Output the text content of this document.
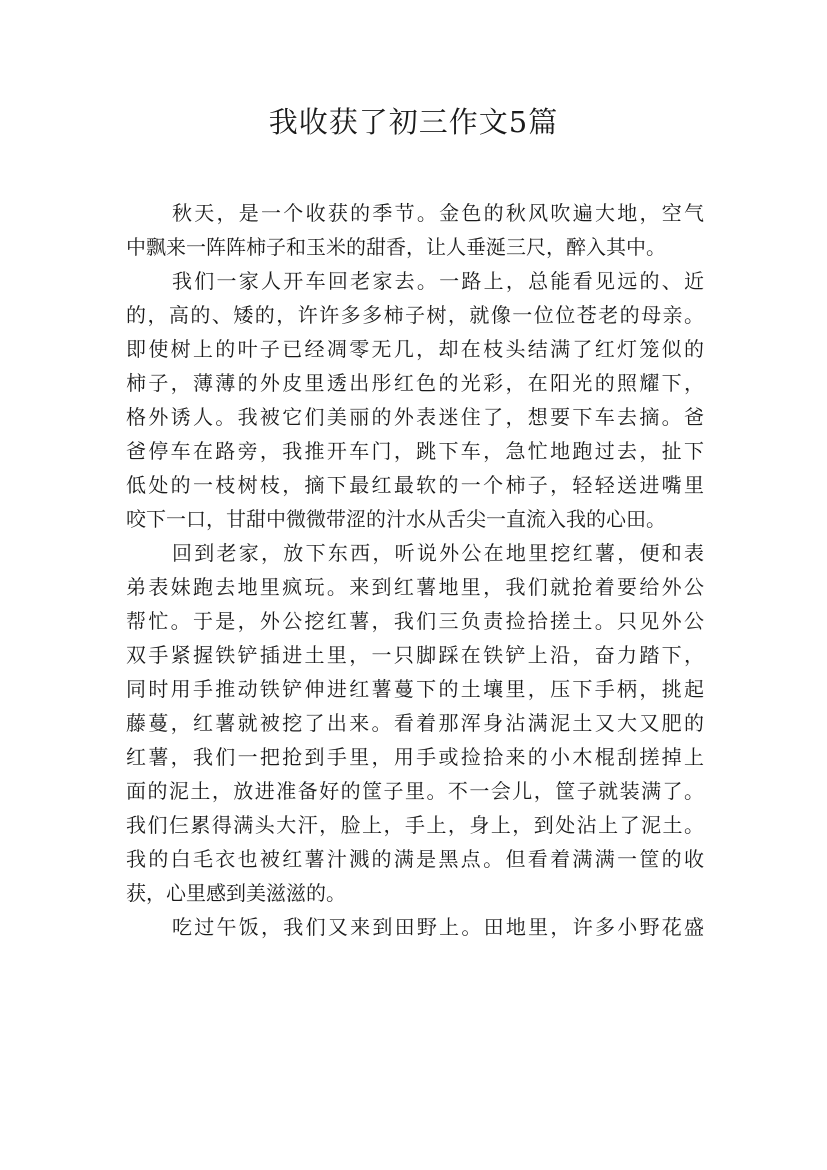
我收获了初三作文5篇
秋天，是一个收获的季节。金色的秋风吹遍大地，空气
中飘来一阵阵柿子和玉米的甜香，让人垂涎三尺，醉入其中。
我们一家人开车回老家去。一路上，总能看见远的、近
的，高的、矮的，许许多多柿子树，就像一位位苍老的母亲。
即使树上的叶子已经凋零无几，却在枝头结满了红灯笼似的
柿子，薄薄的外皮里透出彤红色的光彩，在阳光的照耀下，
格外诱人。我被它们美丽的外表迷住了，想要下车去摘。爸
爸停车在路旁，我推开车门，跳下车，急忙地跑过去，扯下
低处的一枝树枝，摘下最红最软的一个柿子，轻轻送进嘴里
咬下一口，甘甜中微微带涩的汁水从舌尖一直流入我的心田。
回到老家，放下东西，听说外公在地里挖红薯，便和表
弟表妹跑去地里疯玩。来到红薯地里，我们就抢着要给外公
帮忙。于是，外公挖红薯，我们三负责捡拾搓土。只见外公
双手紧握铁铲插进土里，一只脚踩在铁铲上沿，奋力踏下，
同时用手推动铁铲伸进红薯蔓下的土壤里，压下手柄，挑起
藤蔓，红薯就被挖了出来。看着那浑身沾满泥土又大又肥的
红薯，我们一把抢到手里，用手或捡拾来的小木棍刮搓掉上
面的泥土，放进准备好的筐子里。不一会儿，筐子就装满了。
我们仨累得满头大汗，脸上，手上，身上，到处沾上了泥土。
我的白毛衣也被红薯汁溅的满是黑点。但看着满满一筐的收
获，心里感到美滋滋的。
吃过午饭，我们又来到田野上。田地里，许多小野花盛
